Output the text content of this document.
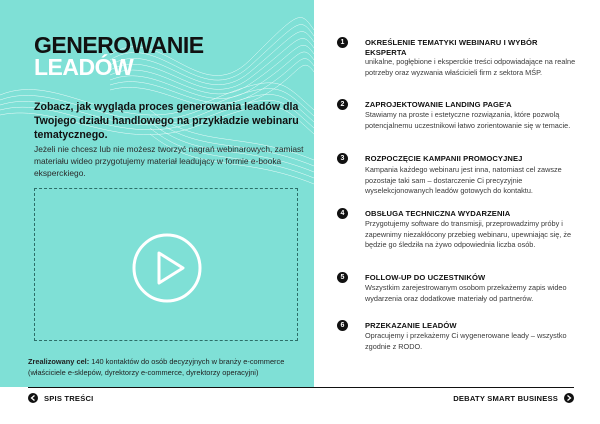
GENEROWANIE
LEADÓW
Zobacz, jak wygląda proces generowania leadów dla Twojego działu handlowego na przykładzie webinaru tematycznego.
Jeżeli nie chcesz lub nie możesz tworzyć nagrań webinarowych, zamiast materiału wideo przygotujemy materiał leadujący w formie e-booka eksperckiego.
Zrealizowany cel: 140 kontaktów do osób decyzyjnych w branży e-commerce (właściciele e-sklepów, dyrektorzy e-commerce, dyrektorzy operacyjni)
1	OKREŚLENIE TEMATYKI WEBINARU I WYBÓR EKSPERTA
unikalne, pogłębione i eksperckie treści odpowiadające na realne potrzeby oraz wyzwania właścicieli firm z sektora MŚP.
2	ZAPROJEKTOWANIE LANDING PAGE'A
Stawiamy na proste i estetyczne rozwiązania, które pozwolą potencjalnemu uczestnikowi łatwo zorientowanie się w temacie.
3	ROZPOCZĘCIE KAMPANII PROMOCYJNEJ
Kampania każdego webinaru jest inna, natomiast cel zawsze pozostaje taki sam – dostarczenie Ci precyzyjnie wyselekcjonowanych leadów gotowych do kontaktu.
4	OBSŁUGA TECHNICZNA WYDARZENIA
Przygotujemy software do transmisji, przeprowadzimy próby i zapewnimy niezakłócony przebieg webinaru, upewniając się, że będzie go śledziła na żywo odpowiednia liczba osób.
5	FOLLOW-UP DO UCZESTNIKÓW
Wszystkim zarejestrowanym osobom przekażemy zapis wideo wydarzenia oraz dodatkowe materiały od partnerów.
6	PRZEKAZANIE LEADÓW
Opracujemy i przekażemy Ci wygenerowane leady – wszystko zgodnie z RODO.
SPIS TREŚCI	DEBATY SMART BUSINESS
